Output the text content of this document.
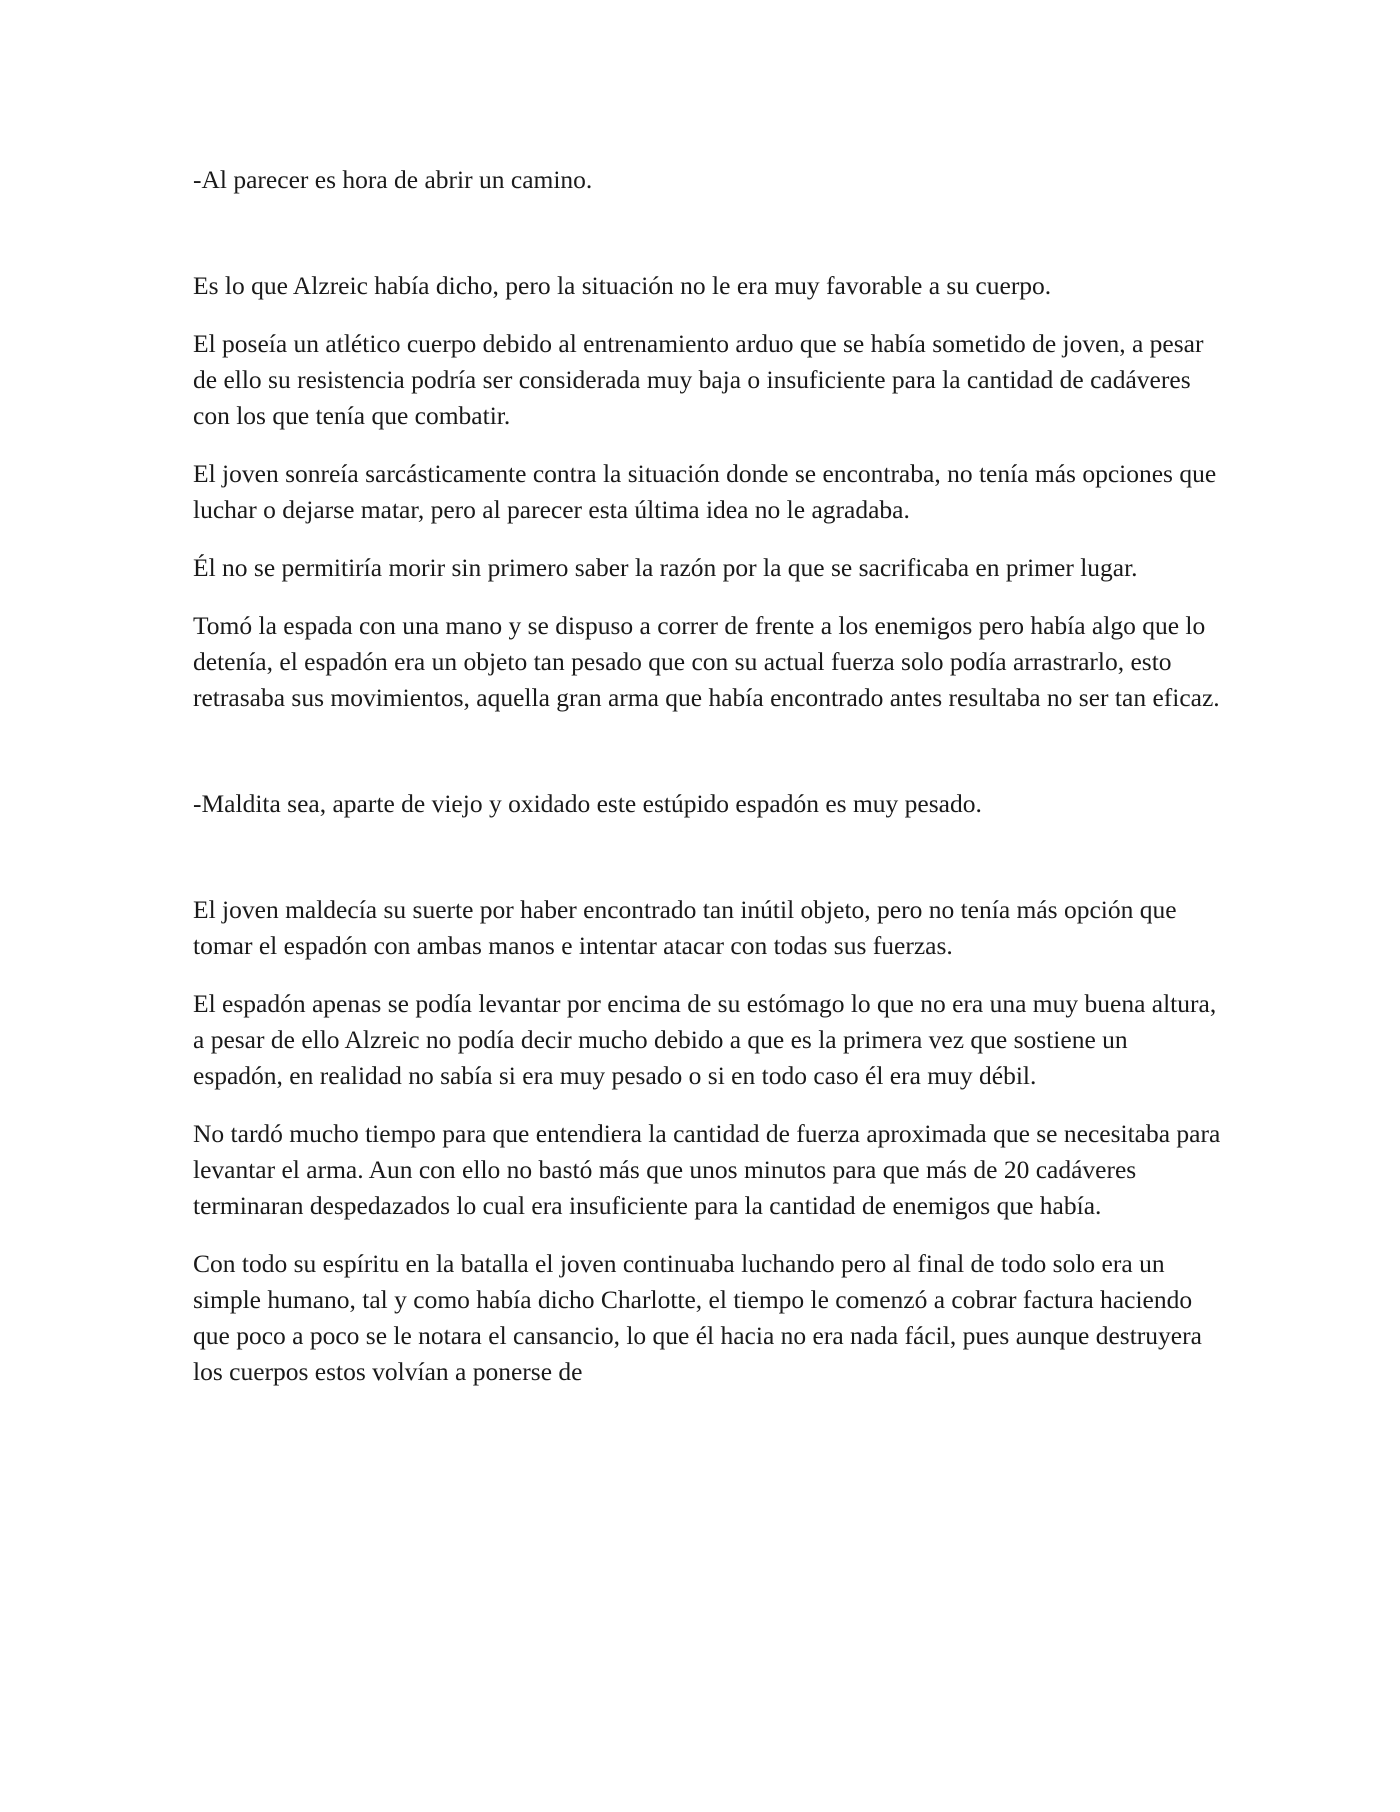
-Al parecer es hora de abrir un camino.

Es lo que Alzreic había dicho, pero la situación no le era muy favorable a su cuerpo.

El poseía un atlético cuerpo debido al entrenamiento arduo que se había sometido de joven, a pesar de ello su resistencia podría ser considerada muy baja o insuficiente para la cantidad de cadáveres con los que tenía que combatir.

El joven sonreía sarcásticamente contra la situación donde se encontraba, no tenía más opciones que luchar o dejarse matar, pero al parecer esta última idea no le agradaba.

Él no se permitiría morir sin primero saber la razón por la que se sacrificaba en primer lugar.

Tomó la espada con una mano y se dispuso a correr de frente a los enemigos pero había algo que lo detenía, el espadón era un objeto tan pesado que con su actual fuerza solo podía arrastrarlo, esto retrasaba sus movimientos, aquella gran arma que había encontrado antes resultaba no ser tan eficaz.

-Maldita sea, aparte de viejo y oxidado este estúpido espadón es muy pesado.

El joven maldecía su suerte por haber encontrado tan inútil objeto, pero no tenía más opción que tomar el espadón con ambas manos e intentar atacar con todas sus fuerzas.

El espadón apenas se podía levantar por encima de su estómago lo que no era una muy buena altura, a pesar de ello Alzreic no podía decir mucho debido a que es la primera vez que sostiene un espadón, en realidad no sabía si era muy pesado o si en todo caso él era muy débil.

No tardó mucho tiempo para que entendiera la cantidad de fuerza aproximada que se necesitaba para levantar el arma. Aun con ello no bastó más que unos minutos para que más de 20 cadáveres terminaran despedazados lo cual era insuficiente para la cantidad de enemigos que había.

Con todo su espíritu en la batalla el joven continuaba luchando pero al final de todo solo era un simple humano, tal y como había dicho Charlotte, el tiempo le comenzó a cobrar factura haciendo que poco a poco se le notara el cansancio, lo que él hacia no era nada fácil, pues aunque destruyera los cuerpos estos volvían a ponerse de
